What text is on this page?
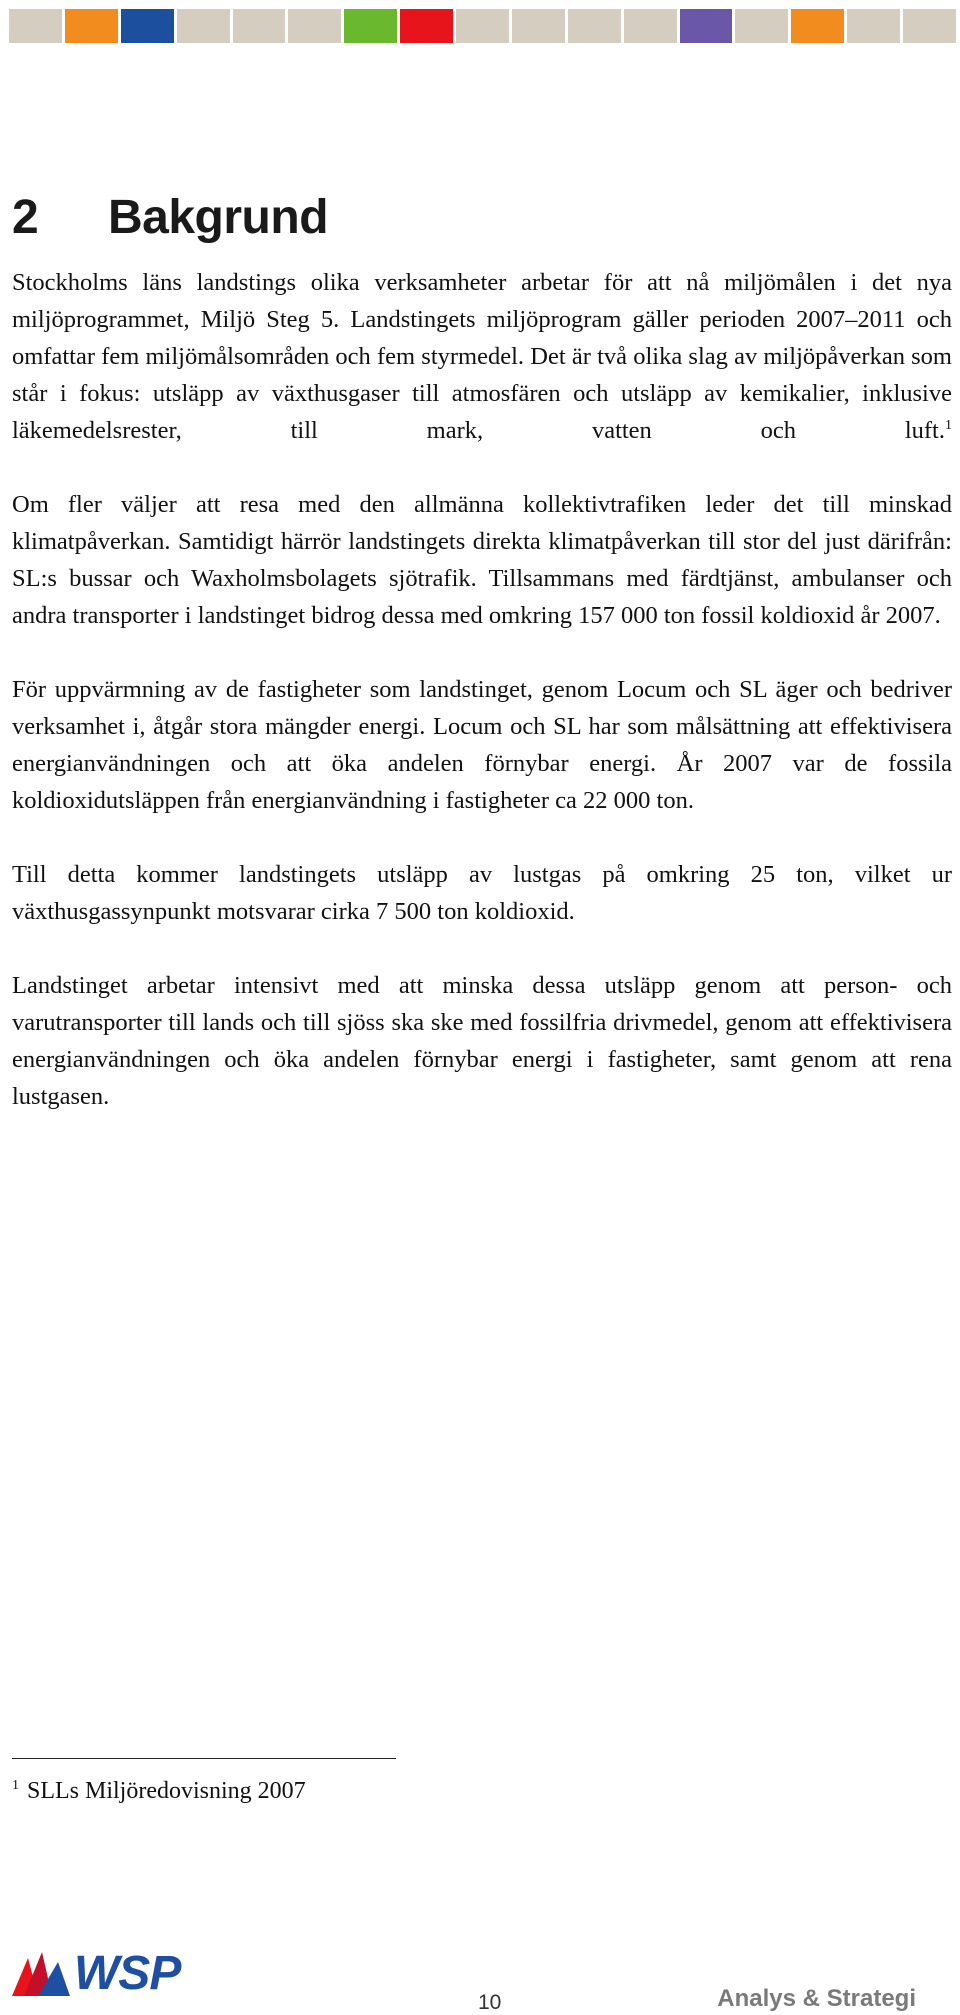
2 Bakgrund

Stockholms läns landstings olika verksamheter arbetar för att nå miljömålen i det nya miljöprogrammet, Miljö Steg 5. Landstingets miljöprogram gäller perioden 2007–2011 och omfattar fem miljömålsområden och fem styrmedel. Det är två olika slag av miljöpåverkan som står i fokus: utsläpp av växthusgaser till atmosfären och utsläpp av kemikalier, inklusive läkemedelsrester, till mark, vatten och luft.$^1$

Om fler väljer att resa med den allmänna kollektivtrafiken leder det till minskad klimatpåverkan. Samtidigt härrör landstingets direkta klimatpåverkan till stor del just därifrån: SL:s bussar och Waxholmsbolagets sjötrafik. Tillsammans med färdtjänst, ambulanser och andra transporter i landstinget bidrog dessa med omkring 157 000 ton fossil koldioxid år 2007.

För uppvärmning av de fastigheter som landstinget, genom Locum och SL äger och bedriver verksamhet i, åtgår stora mängder energi. Locum och SL har som målsättning att effektivisera energianvändningen och att öka andelen förnybar energi. År 2007 var de fossila koldioxidutsläppen från energianvändning i fastigheter ca 22 000 ton.

Till detta kommer landstingets utsläpp av lustgas på omkring 25 ton, vilket ur växthusgassynpunkt motsvarar cirka 7 500 ton koldioxid.

Landstinget arbetar intensivt med att minska dessa utsläpp genom att person- och varutransporter till lands och till sjöss ska ske med fossilfria drivmedel, genom att effektivisera energianvändningen och öka andelen förnybar energi i fastigheter, samt genom att rena lustgasen.

$^1$ SLLs Miljöredovisning 2007
WSP
10	Analys & Strategi
